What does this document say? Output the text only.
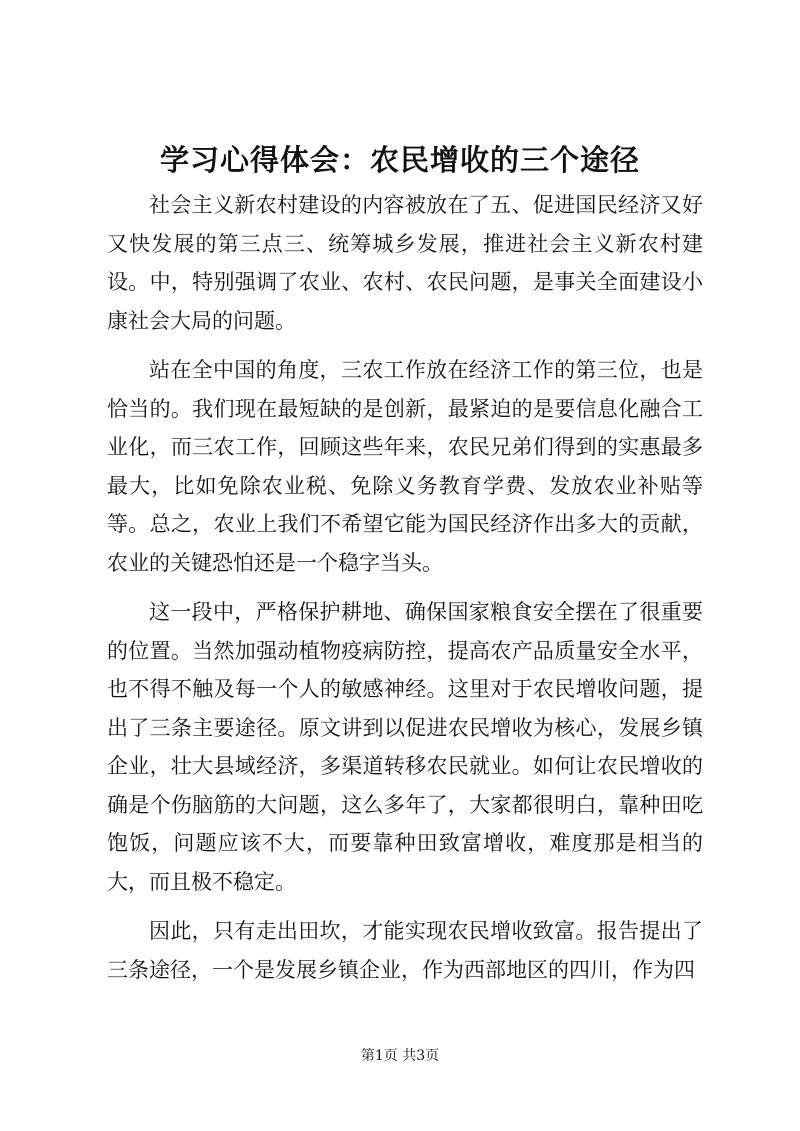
学习心得体会：农民增收的三个途径

社会主义新农村建设的内容被放在了五、促进国民经济又好又快发展的第三点三、统筹城乡发展，推进社会主义新农村建设。中，特别强调了农业、农村、农民问题，是事关全面建设小康社会大局的问题。

站在全中国的角度，三农工作放在经济工作的第三位，也是恰当的。我们现在最短缺的是创新，最紧迫的是要信息化融合工业化，而三农工作，回顾这些年来，农民兄弟们得到的实惠最多最大，比如免除农业税、免除义务教育学费、发放农业补贴等等。总之，农业上我们不希望它能为国民经济作出多大的贡献，农业的关键恐怕还是一个稳字当头。

这一段中，严格保护耕地、确保国家粮食安全摆在了很重要的位置。当然加强动植物疫病防控，提高农产品质量安全水平，也不得不触及每一个人的敏感神经。这里对于农民增收问题，提出了三条主要途径。原文讲到以促进农民增收为核心，发展乡镇企业，壮大县域经济，多渠道转移农民就业。如何让农民增收的确是个伤脑筋的大问题，这么多年了，大家都很明白，靠种田吃饱饭，问题应该不大，而要靠种田致富增收，难度那是相当的大，而且极不稳定。

因此，只有走出田坎，才能实现农民增收致富。报告提出了三条途径，一个是发展乡镇企业，作为西部地区的四川，作为四

第1页 共3页
